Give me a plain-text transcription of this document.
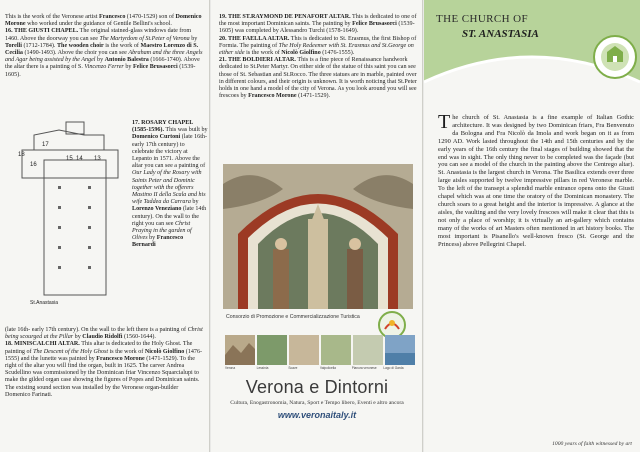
This is the work of the Veronese artist Francesco (1470-1529) son of Domenico Morone who worked under the guidance of Gentile Bellini's school.
16. THE GIUSTI CHAPEL. The original stained-glass windows date from 1460. Above the doorway you can see The Martyrdom of St.Peter of Verona by Torelli (1712-1784). The wooden choir is the work of Maestro Lorenzo di S. Cecilia (1490-1493). Above the choir you can see Abraham and the three Angels and Agar being assisted by the Angel by Antonio Balestra (1666-1740). Above the altar there is a painting of S. Vincenzo Ferrer by Felice Brusasorci (1539-1605).
18
17
16
15 14 13
St.Anastasia
17. ROSARY CHAPEL (1585-1596). This was built by Domenico Curtoni (late 16th- early 17th century) to celebrate the victory at Lepanto in 1571. Above the altar you can see a painting of Our Lady of the Rosary with Saints Peter and Dominic together with the offerers Mastino II della Scala and his wife Taddea da Carrara by Lorenzo Veneziano (late 14th century). On the wall to the right you can see Christ Praying in the garden of Olives by Francesco Bernardi
(late 16th- early 17th century). On the wall to the left there is a painting of Christ being scourged at the Pillar by Claudio Ridolfi (1560-1644).
18. MINISCALCHI ALTAR. This altar is dedicated to the Holy Ghost. The painting of The Descent of the Holy Ghost is the work of Nicolò Giolfino (1476-1555) and the lunette was painted by Francesco Morone (1471-1529). To the right of the altar you will find the organ, built in 1625. The carver Andrea Scudellino was commissioned by the Dominican friar Vincenzo Squarcialupi to make the gilded organ case showing the figures of Popes and Dominican saints. The existing sound section was installed by the Veronese organ-builder Domenico Farinati.
19. THE ST.RAYMOND DE PENAFORT ALTAR. This is dedicated to one of the most important Dominican saints. The painting by Felice Brusasorci (1539-1605) was completed by Alessandro Turchi (1578-1649).
20. THE FAELLA ALTAR. This is dedicated to St. Erasmus, the first Bishop of Formia. The painting of The Holy Redeemer with St. Erasmus and St.George on either side is the work of Nicolò Giolfino (1476-1555).
21. THE BOLDIERI ALTAR. This is a fine piece of Renaissance handwork dedicated to St.Peter Martyr. On either side of the statue of this saint you can see those of St. Sebastian and St.Rocco. The three statues are in marble, painted over in different colours, and their origin is unknown. It is worth noticing that St.Peter holds in one hand a model of the city of Verona. As you look around you will see frescoes by Francesco Morone (1471-1529).
Consorzio di Promozione e Commercializzazione Turistica
Verona	Lessinia	Soave	Valpolicella	Pianura veronese	Lago di Garda
Verona e Dintorni
Cultura, Enogastronomia, Natura, Sport e Tempo libero, Eventi e altro ancora
www.veronaitaly.it
THE CHURCH OF
ST. ANASTASIA
The church of St. Anastasia is a fine example of Italian Gothic architecture. It was designed by two Dominican friars, Fra Benvenuto da Bologna and Fra Nicolò da Imola and work began on it as from 1290 AD. Work lasted throughout the 14th and 15th centuries and by the early years of the 16th century the final stages of building showed that the end was in sight. The only thing never to be completed was the façade (but you can see a model of the church in the painting above the Centrego altar). St. Anastasia is the largest church in Verona. The Basilica extends over three large aisles supported by twelve impressive pillars in red Veronese marble. To the left of the transept a splendid marble entrance opens onto the Giusti chapel which was at one time the oratory of the Dominican monastery. The church soars to a great height and the interior is impressive. A glance at the aisles, the vaulting and the very lovely frescoes will make it clear that this is not only a place of worship; it is virtually an art-gallery which contains many of the works of art Masters often mentioned in art history books. The most important is Pisanello's well-known fresco (St. George and the Princess) above Pellegrini Chapel.
1000 years of faith witnessed by art
